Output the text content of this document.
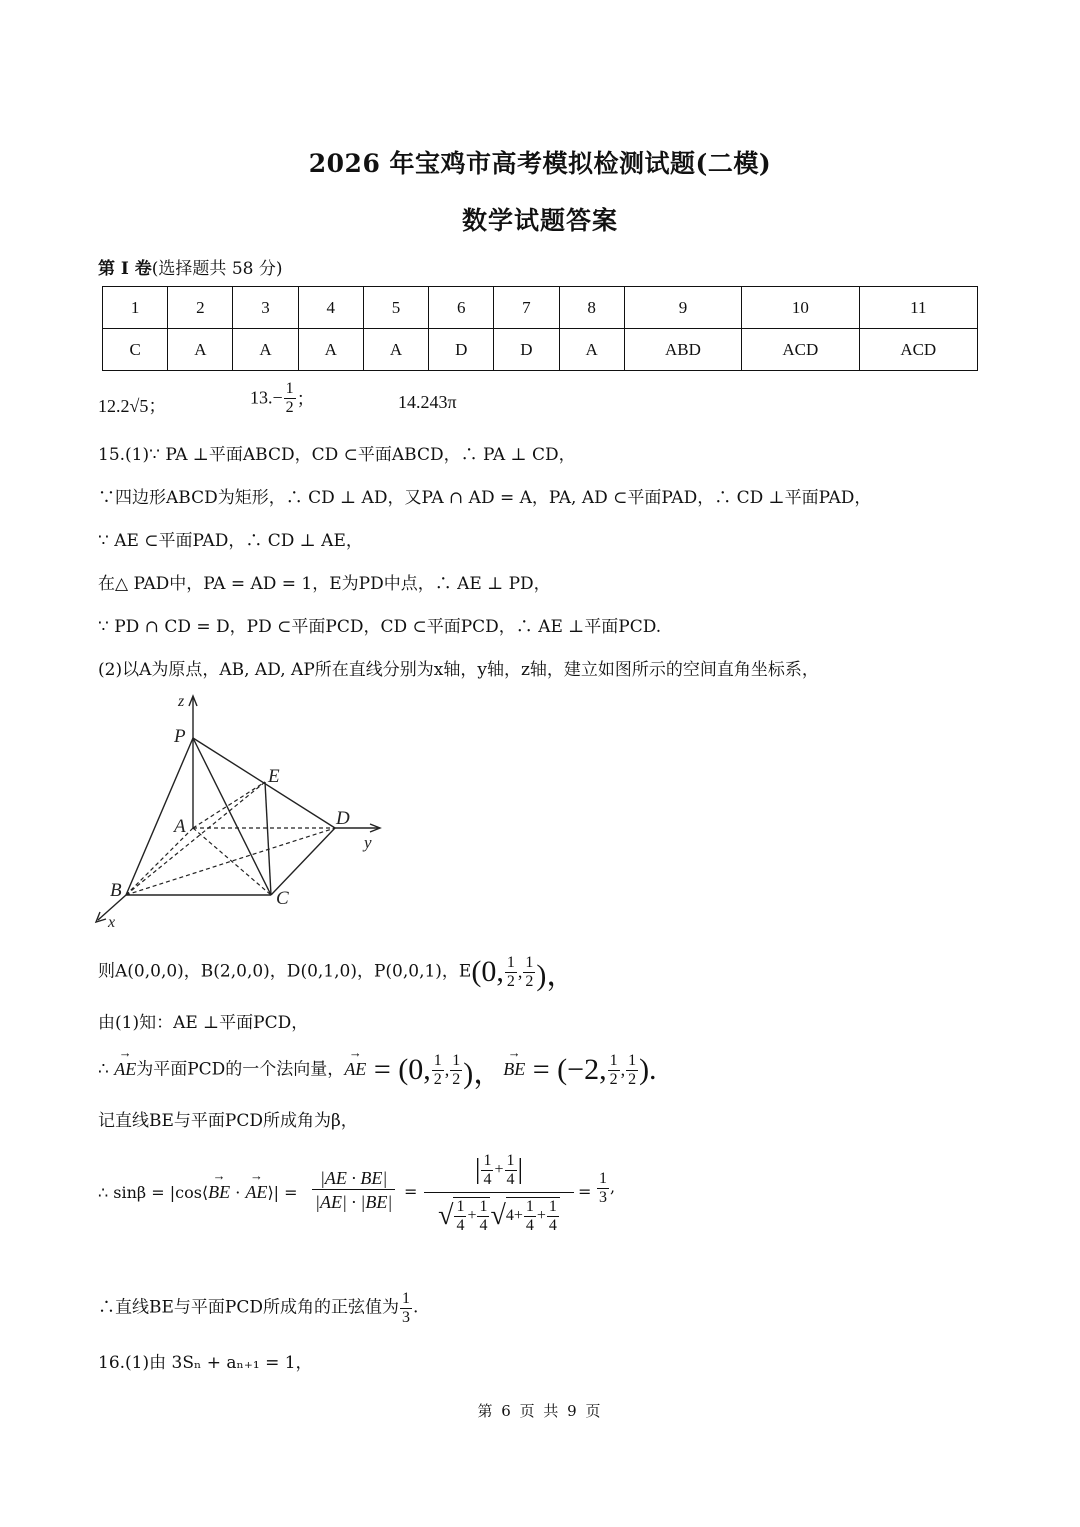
2026 年宝鸡市高考模拟检测试题(二模)
数学试题答案
第 I 卷(选择题共 58 分)
1	2	3	4	5	6	7	8	9	10	11
C	A	A	A	A	D	D	A	ABD	ACD	ACD
12.2√5；	$13.- \frac{1}{2}$ ；	14.243π
15.(1)∵ PA ⊥平面ABCD，CD ⊂平面ABCD，∴ PA ⊥ CD，
∵四边形ABCD为矩形，∴ CD ⊥ AD，又PA ∩ AD = A，PA, AD ⊂平面PAD，∴ CD ⊥平面PAD，
∵ AE ⊂平面PAD，∴ CD ⊥ AE，
在△ PAD中，PA = AD = 1，E为PD中点，∴ AE ⊥ PD，
∵ PD ∩ CD = D，PD ⊂平面PCD，CD ⊂平面PCD，∴ AE ⊥平面PCD.
(2)以A为原点，AB, AD, AP所在直线分别为x轴，y轴，z轴，建立如图所示的空间直角坐标系，
z
P
E
A	D
y
B	C
x
则A(0,0,0)，B(2,0,0)，D(0,1,0)，P(0,0,1)，E(0, $\frac{1}{2}$ , $\frac{1}{2}$ )，
由(1)知：AE ⊥平面PCD，
∴ → AE为平面PCD的一个法向量，→ AE = (0, $\frac{1}{2}$ , $\frac{1}{2}$ )，→ BE = (−2, $\frac{1}{2}$ , $\frac{1}{2}$ ).
记直线BE与平面PCD所成角为β，
∴ sinβ = |cos⟨→ BE · → AE⟩| = $\frac{|AE \cdot BE|}{|AE| \cdot |BE|} = \frac{| \frac{1}{4} + \frac{1}{4} |}{√ \frac{1}{4} + \frac{1}{4} √4+ \frac{1}{4} + \frac{1}{4}} = \frac{1}{3}$ ,
∴直线BE与平面PCD所成角的正弦值为 $\frac{1}{3}$ .
16.(1)由 3Sₙ + aₙ₊₁ = 1，
第 6 页 共 9 页
